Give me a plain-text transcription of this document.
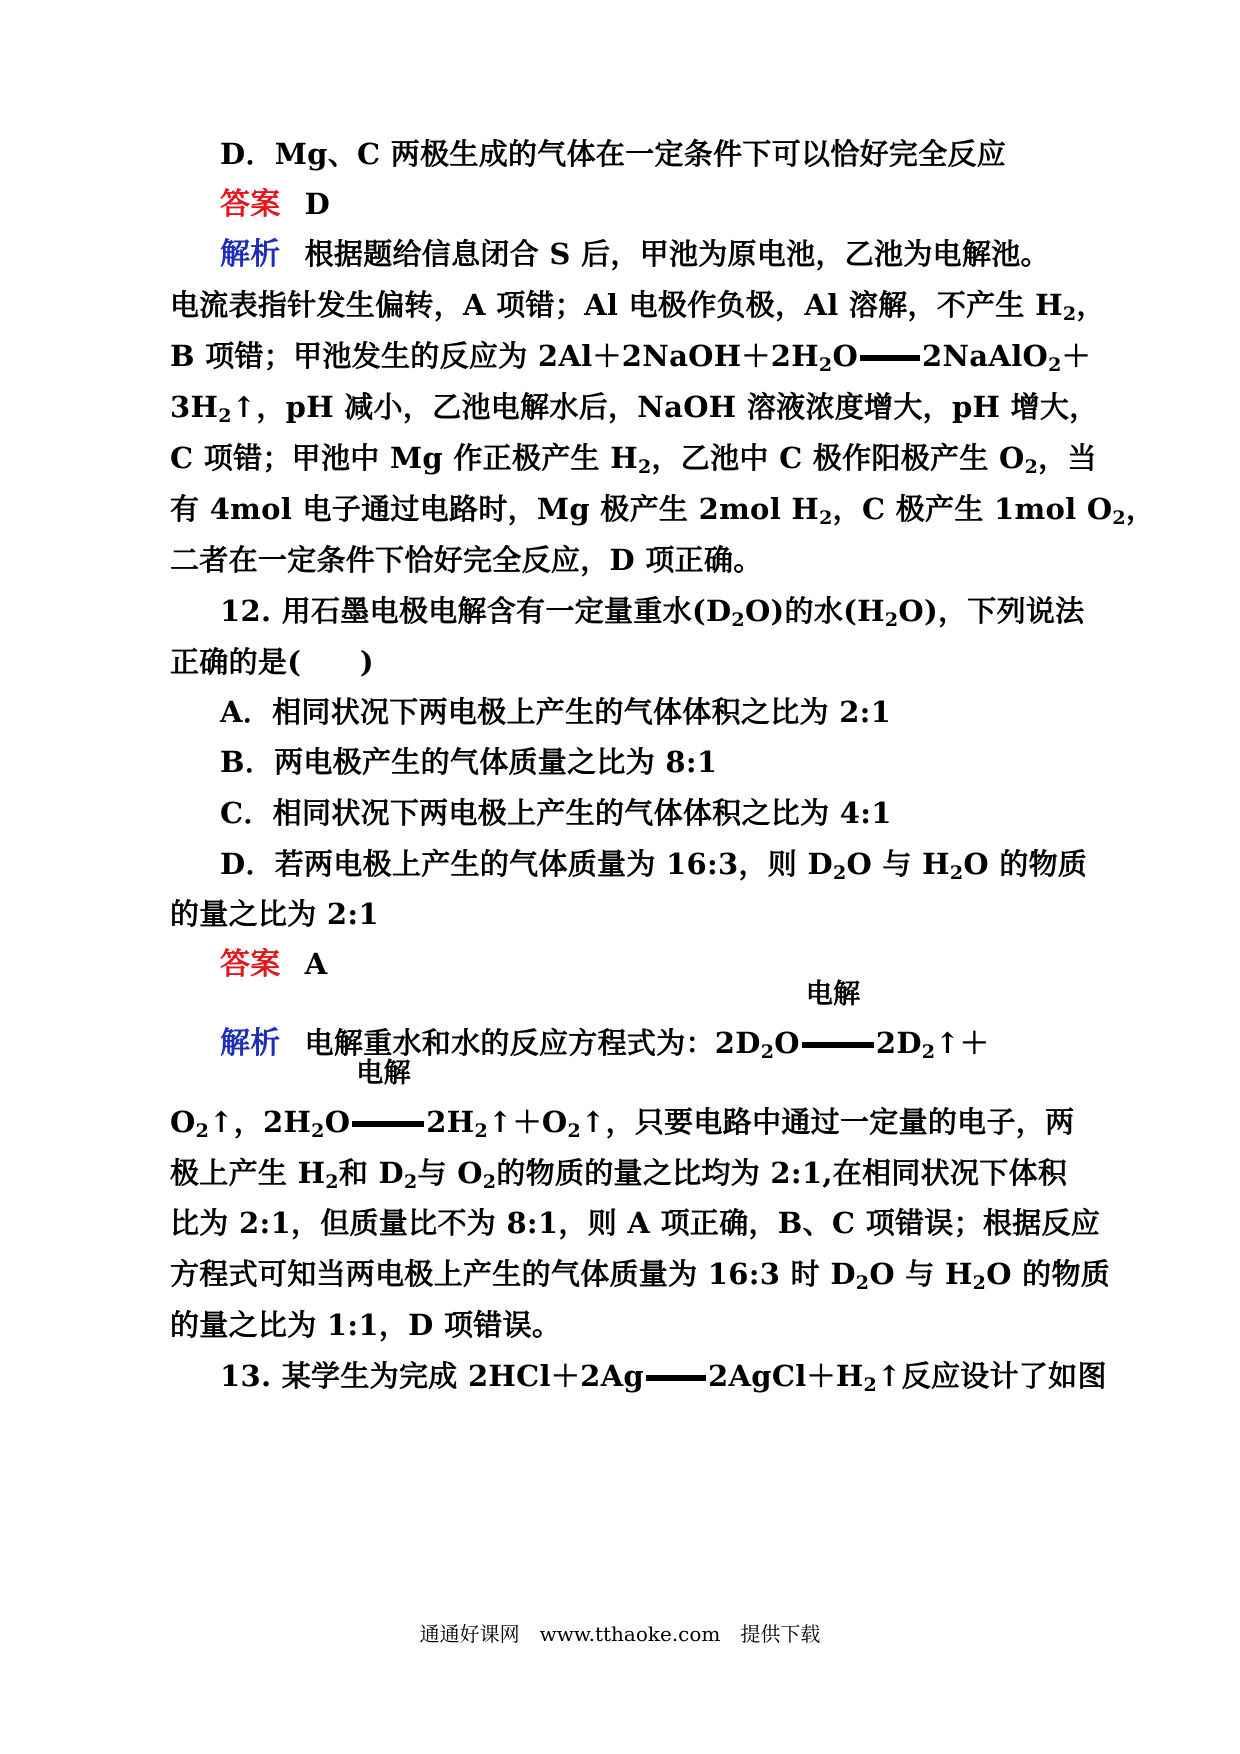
D．Mg、C 两极生成的气体在一定条件下可以恰好完全反应
答案 D
解析 根据题给信息闭合 S 后，甲池为原电池，乙池为电解池。
电流表指针发生偏转，A 项错；Al 电极作负极，Al 溶解，不产生 $H_2$，
B 项错；甲池发生的反应为 $2Al+2NaOH+2H_2O$ 2NaAlO$_2$＋
$3H_2↑$，pH 减小，乙池电解水后，NaOH 溶液浓度增大，pH 增大，
C 项错；甲池中 Mg 作正极产生 $H_2$，乙池中 C 极作阳极产生 $O_2$，当
有 4mol 电子通过电路时，Mg 极产生 2mol $H_2$，C 极产生 1mol $O_2$，
二者在一定条件下恰好完全反应，D 项正确。
12. 用石墨电极电解含有一定量重水$(D_2O)$的水$(H_2O)$，下列说法
正确的是(　　)
A．相同状况下两电极上产生的气体体积之比为 2:1
B．两电极产生的气体质量之比为 8:1
C．相同状况下两电极上产生的气体体积之比为 4:1
D．若两电极上产生的气体质量为 16:3，则 $D_2O$ 与 $H_2O$ 的物质
的量之比为 2:1
答案 A
解析 电解重水和水的反应方程式为：$2D_2O$
电解
$2D_2↑+$
$O_2↑$，$2H_2O$
电解
$2H_2↑+O_2↑$，只要电路中通过一定量的电子，两
极上产生 $H_2$和 $D_2$与 $O_2$的物质的量之比均为 2:1,在相同状况下体积
比为 2:1，但质量比不为 8:1，则 A 项正确，B、C 项错误；根据反应
方程式可知当两电极上产生的气体质量为 16:3 时 $D_2O$ 与 $H_2O$ 的物质
的量之比为 1:1，D 项错误。
13. 某学生为完成 2HCl＋2Ag $2AgCl+H_2↑$反应设计了如图
通通好课网　www.tthaoke.com　提供下载
